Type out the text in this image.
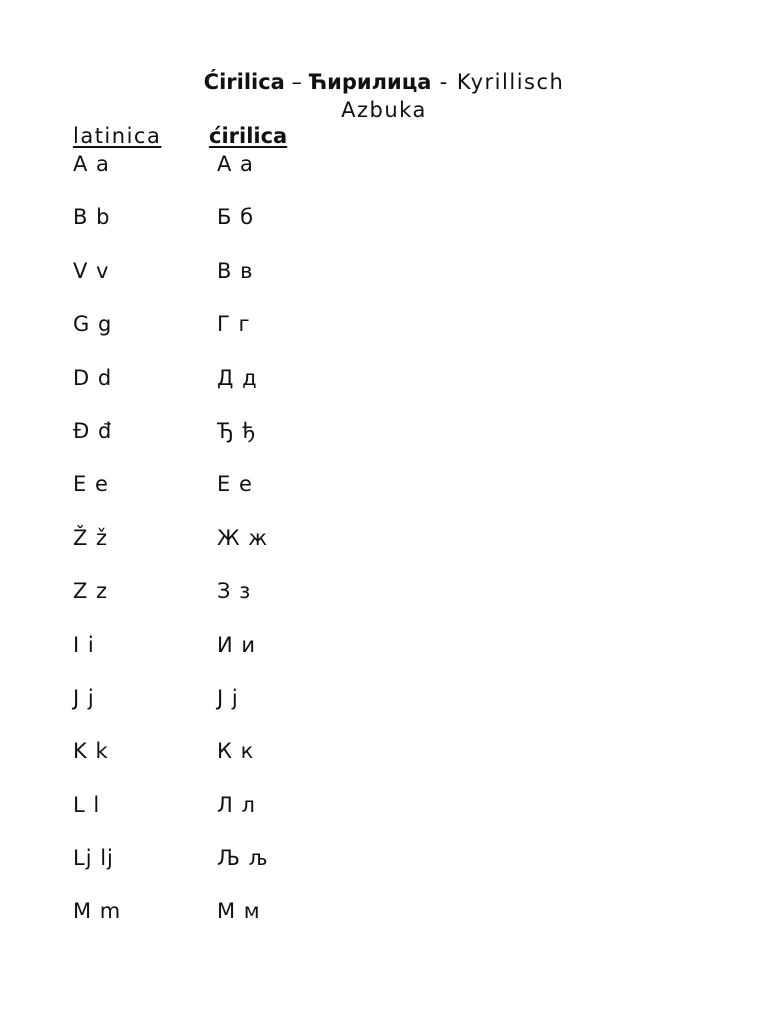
Ćirilica – Ћирилица - Kyrillisch
Azbuka
latinica ćirilica
A a	А а
B b	Б б
V v	В в
G g	Г г
D d	Д д
Đ đ	Ђ ђ
E e	Е е
Ž ž	Ж ж
Z z	З з
I i	И и
J j	Ј ј
K k	К к
L l	Л л
Lj lj	Љ љ
M m	М м
